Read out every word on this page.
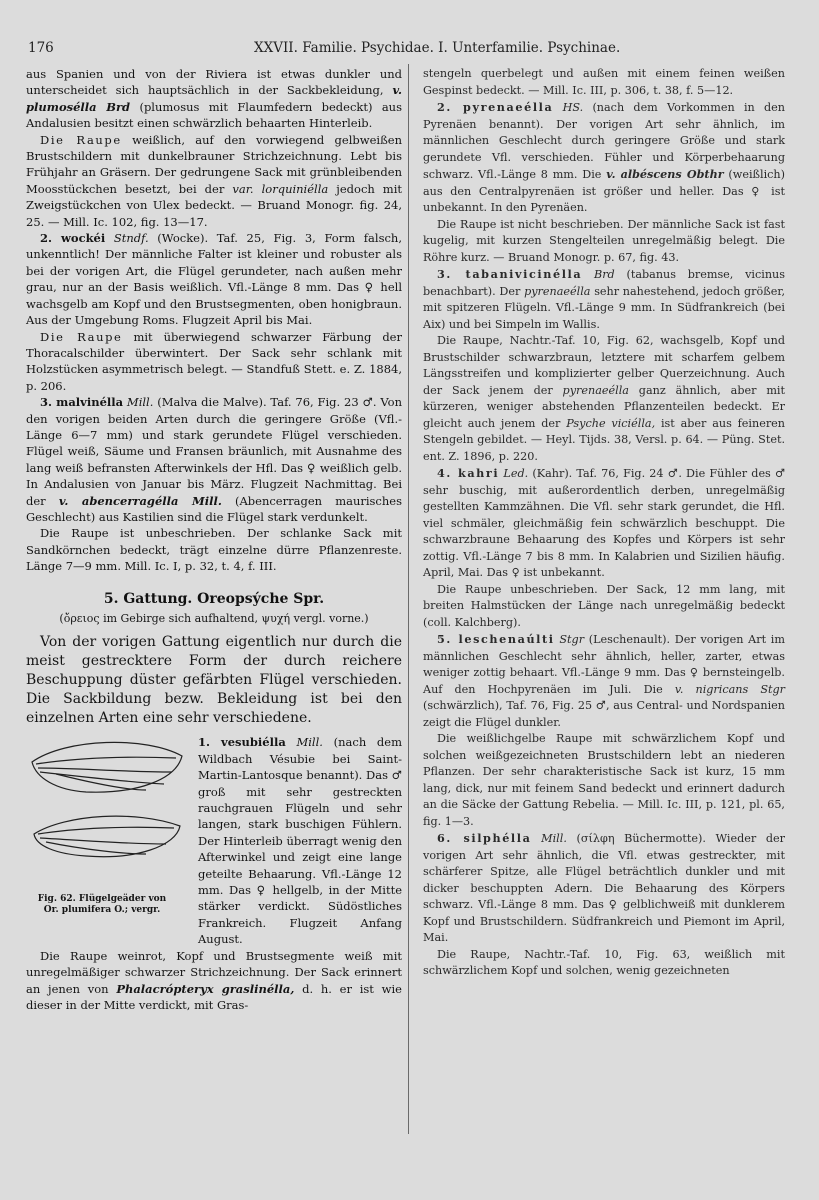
176	XXVII. Familie. Psychidae. I. Unterfamilie. Psychinae.

aus Spanien und von der Riviera ist etwas dunkler und unterscheidet sich hauptsächlich in der Sackbekleidung, v. plumosélla Brd (plumosus mit Flaumfedern bedeckt) aus Andalusien besitzt einen schwärzlich behaarten Hinterleib.

Die Raupe weißlich, auf den vorwiegend gelbweißen Brustschildern mit dunkelbrauner Strichzeichnung. Lebt bis Frühjahr an Gräsern. Der gedrungene Sack mit grünbleibenden Moosstückchen besetzt, bei der var. lorquiniélla jedoch mit Zweigstückchen von Ulex bedeckt. — Bruand Monogr. fig. 24, 25. — Mill. Ic. 102, fig. 13—17.

2. wockéi Stndf. (Wocke). Taf. 25, Fig. 3, Form falsch, unkenntlich! Der männliche Falter ist kleiner und robuster als bei der vorigen Art, die Flügel gerundeter, nach außen mehr grau, nur an der Basis weißlich. Vfl.-Länge 8 mm. Das ♀ hell wachsgelb am Kopf und den Brustsegmenten, oben honigbraun. Aus der Umgebung Roms. Flugzeit April bis Mai.

Die Raupe mit überwiegend schwarzer Färbung der Thoracalschilder überwintert. Der Sack sehr schlank mit Holzstücken asymmetrisch belegt. — Standfuß Stett. e. Z. 1884, p. 206.

3. malvinélla Mill. (Malva die Malve). Taf. 76, Fig. 23 ♂. Von den vorigen beiden Arten durch die geringere Größe (Vfl.-Länge 6—7 mm) und stark gerundete Flügel verschieden. Flügel weiß, Säume und Fransen bräunlich, mit Ausnahme des lang weiß befransten Afterwinkels der Hfl. Das ♀ weißlich gelb. In Andalusien von Januar bis März. Flugzeit Nachmittag. Bei der v. abencerragélla Mill. (Abencerragen maurisches Geschlecht) aus Kastilien sind die Flügel stark verdunkelt.

Die Raupe ist unbeschrieben. Der schlanke Sack mit Sandkörnchen bedeckt, trägt einzelne dürre Pflanzenreste. Länge 7—9 mm. Mill. Ic. I, p. 32, t. 4, f. III.

5. Gattung. Oreopsýche Spr.
(ὄρειος im Gebirge sich aufhaltend, ψυχή vergl. vorne.)

Von der vorigen Gattung eigentlich nur durch die meist gestrecktere Form der durch reichere Beschuppung düster gefärbten Flügel verschieden. Die Sackbildung bezw. Bekleidung ist bei den einzelnen Arten eine sehr verschiedene.

Fig. 62. Flügelgeäder von Or. plumifera O.; vergr.
1. vesubiélla Mill. (nach dem Wildbach Vésubie bei Saint-Martin-Lantosque benannt). Das ♂ groß mit sehr gestreckten rauchgrauen Flügeln und sehr langen, stark buschigen Fühlern. Der Hinterleib überragt wenig den Afterwinkel und zeigt eine lange geteilte Behaarung. Vfl.-Länge 12 mm. Das ♀ hellgelb, in der Mitte stärker verdickt. Südöstliches Frankreich. Flugzeit Anfang August.

Die Raupe weinrot, Kopf und Brustsegmente weiß mit unregelmäßiger schwarzer Strichzeichnung. Der Sack erinnert an jenen von Phalacrópteryx graslinélla, d. h. er ist wie dieser in der Mitte verdickt, mit Gras-

stengeln querbelegt und außen mit einem feinen weißen Gespinst bedeckt. — Mill. Ic. III, p. 306, t. 38, f. 5—12.

2. pyrenaeélla HS. (nach dem Vorkommen in den Pyrenäen benannt). Der vorigen Art sehr ähnlich, im männlichen Geschlecht durch geringere Größe und stark gerundete Vfl. verschieden. Fühler und Körperbehaarung schwarz. Vfl.-Länge 8 mm. Die v. albéscens Obthr (weißlich) aus den Centralpyrenäen ist größer und heller. Das ♀ ist unbekannt. In den Pyrenäen.

Die Raupe ist nicht beschrieben. Der männliche Sack ist fast kugelig, mit kurzen Stengelteilen unregelmäßig belegt. Die Röhre kurz. — Bruand Monogr. p. 67, fig. 43.

3. tabanivicinélla Brd (tabanus bremse, vicinus benachbart). Der pyrenaeélla sehr nahestehend, jedoch größer, mit spitzeren Flügeln. Vfl.-Länge 9 mm. In Südfrankreich (bei Aix) und bei Simpeln im Wallis.

Die Raupe, Nachtr.-Taf. 10, Fig. 62, wachsgelb, Kopf und Brustschilder schwarzbraun, letztere mit scharfem gelbem Längsstreifen und komplizierter gelber Querzeichnung. Auch der Sack jenem der pyrenaeélla ganz ähnlich, aber mit kürzeren, weniger abstehenden Pflanzenteilen bedeckt. Er gleicht auch jenem der Psyche viciélla, ist aber aus feineren Stengeln gebildet. — Heyl. Tijds. 38, Versl. p. 64. — Püng. Stet. ent. Z. 1896, p. 220.

4. kahri Led. (Kahr). Taf. 76, Fig. 24 ♂. Die Fühler des ♂ sehr buschig, mit außerordentlich derben, unregelmäßig gestellten Kammzähnen. Die Vfl. sehr stark gerundet, die Hfl. viel schmäler, gleichmäßig fein schwärzlich beschuppt. Die schwarzbraune Behaarung des Kopfes und Körpers ist sehr zottig. Vfl.-Länge 7 bis 8 mm. In Kalabrien und Sizilien häufig. April, Mai. Das ♀ ist unbekannt.

Die Raupe unbeschrieben. Der Sack, 12 mm lang, mit breiten Halmstücken der Länge nach unregelmäßig bedeckt (coll. Kalchberg).

5. leschenaúlti Stgr (Leschenault). Der vorigen Art im männlichen Geschlecht sehr ähnlich, heller, zarter, etwas weniger zottig behaart. Vfl.-Länge 9 mm. Das ♀ bernsteingelb. Auf den Hochpyrenäen im Juli. Die v. nigricans Stgr (schwärzlich), Taf. 76, Fig. 25 ♂, aus Central- und Nordspanien zeigt die Flügel dunkler.

Die weißlichgelbe Raupe mit schwärzlichem Kopf und solchen weißgezeichneten Brustschildern lebt an niederen Pflanzen. Der sehr charakteristische Sack ist kurz, 15 mm lang, dick, nur mit feinem Sand bedeckt und erinnert dadurch an die Säcke der Gattung Rebelia. — Mill. Ic. III, p. 121, pl. 65, fig. 1—3.

6. silphélla Mill. (σίλφη Büchermotte). Wieder der vorigen Art sehr ähnlich, die Vfl. etwas gestreckter, mit schärferer Spitze, alle Flügel beträchtlich dunkler und mit dicker beschuppten Adern. Die Behaarung des Körpers schwarz. Vfl.-Länge 8 mm. Das ♀ gelblichweiß mit dunklerem Kopf und Brustschildern. Südfrankreich und Piemont im April, Mai.

Die Raupe, Nachtr.-Taf. 10, Fig. 63, weißlich mit schwärzlichem Kopf und solchen, wenig gezeichneten
